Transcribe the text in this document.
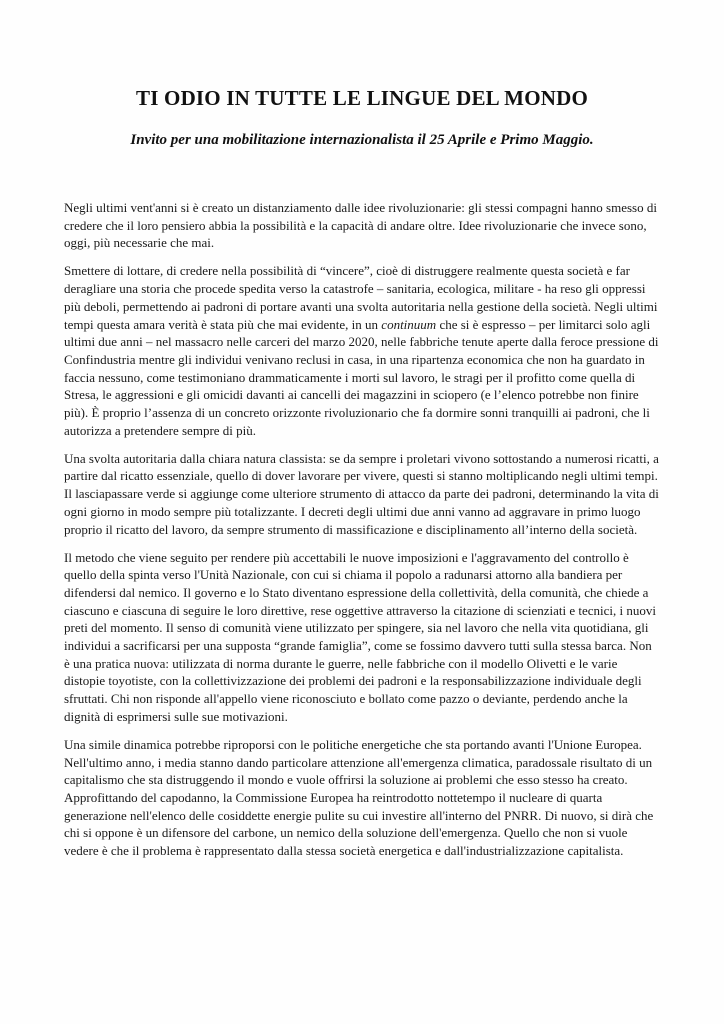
TI ODIO IN TUTTE LE LINGUE DEL MONDO
Invito per una mobilitazione internazionalista il 25 Aprile e Primo Maggio.

Negli ultimi vent'anni si è creato un distanziamento dalle idee rivoluzionarie: gli stessi compagni hanno smesso di credere che il loro pensiero abbia la possibilità e la capacità di andare oltre. Idee rivoluzionarie che invece sono, oggi, più necessarie che mai.

Smettere di lottare, di credere nella possibilità di “vincere”, cioè di distruggere realmente questa società e far deragliare una storia che procede spedita verso la catastrofe – sanitaria, ecologica, militare - ha reso gli oppressi più deboli, permettendo ai padroni di portare avanti una svolta autoritaria nella gestione della società. Negli ultimi tempi questa amara verità è stata più che mai evidente, in un continuum che si è espresso – per limitarci solo agli ultimi due anni – nel massacro nelle carceri del marzo 2020, nelle fabbriche tenute aperte dalla feroce pressione di Confindustria mentre gli individui venivano reclusi in casa, in una ripartenza economica che non ha guardato in faccia nessuno, come testimoniano drammaticamente i morti sul lavoro, le stragi per il profitto come quella di Stresa, le aggressioni e gli omicidi davanti ai cancelli dei magazzini in sciopero (e l’elenco potrebbe non finire più). È proprio l’assenza di un concreto orizzonte rivoluzionario che fa dormire sonni tranquilli ai padroni, che li autorizza a pretendere sempre di più.

Una svolta autoritaria dalla chiara natura classista: se da sempre i proletari vivono sottostando a numerosi ricatti, a partire dal ricatto essenziale, quello di dover lavorare per vivere, questi si stanno moltiplicando negli ultimi tempi. Il lasciapassare verde si aggiunge come ulteriore strumento di attacco da parte dei padroni, determinando la vita di ogni giorno in modo sempre più totalizzante. I decreti degli ultimi due anni vanno ad aggravare in primo luogo proprio il ricatto del lavoro, da sempre strumento di massificazione e disciplinamento all’interno della società.

Il metodo che viene seguito per rendere più accettabili le nuove imposizioni e l'aggravamento del controllo è quello della spinta verso l'Unità Nazionale, con cui si chiama il popolo a radunarsi attorno alla bandiera per difendersi dal nemico. Il governo e lo Stato diventano espressione della collettività, della comunità, che chiede a ciascuno e ciascuna di seguire le loro direttive, rese oggettive attraverso la citazione di scienziati e tecnici, i nuovi preti del momento. Il senso di comunità viene utilizzato per spingere, sia nel lavoro che nella vita quotidiana, gli individui a sacrificarsi per una supposta “grande famiglia”, come se fossimo davvero tutti sulla stessa barca. Non è una pratica nuova: utilizzata di norma durante le guerre, nelle fabbriche con il modello Olivetti e le varie distopie toyotiste, con la collettivizzazione dei problemi dei padroni e la responsabilizzazione individuale degli sfruttati. Chi non risponde all'appello viene riconosciuto e bollato come pazzo o deviante, perdendo anche la dignità di esprimersi sulle sue motivazioni.

Una simile dinamica potrebbe riproporsi con le politiche energetiche che sta portando avanti l'Unione Europea. Nell'ultimo anno, i media stanno dando particolare attenzione all'emergenza climatica, paradossale risultato di un capitalismo che sta distruggendo il mondo e vuole offrirsi la soluzione ai problemi che esso stesso ha creato. Approfittando del capodanno, la Commissione Europea ha reintrodotto nottetempo il nucleare di quarta generazione nell'elenco delle cosiddette energie pulite su cui investire all'interno del PNRR. Di nuovo, si dirà che chi si oppone è un difensore del carbone, un nemico della soluzione dell'emergenza. Quello che non si vuole vedere è che il problema è rappresentato dalla stessa società energetica e dall'industrializzazione capitalista.
